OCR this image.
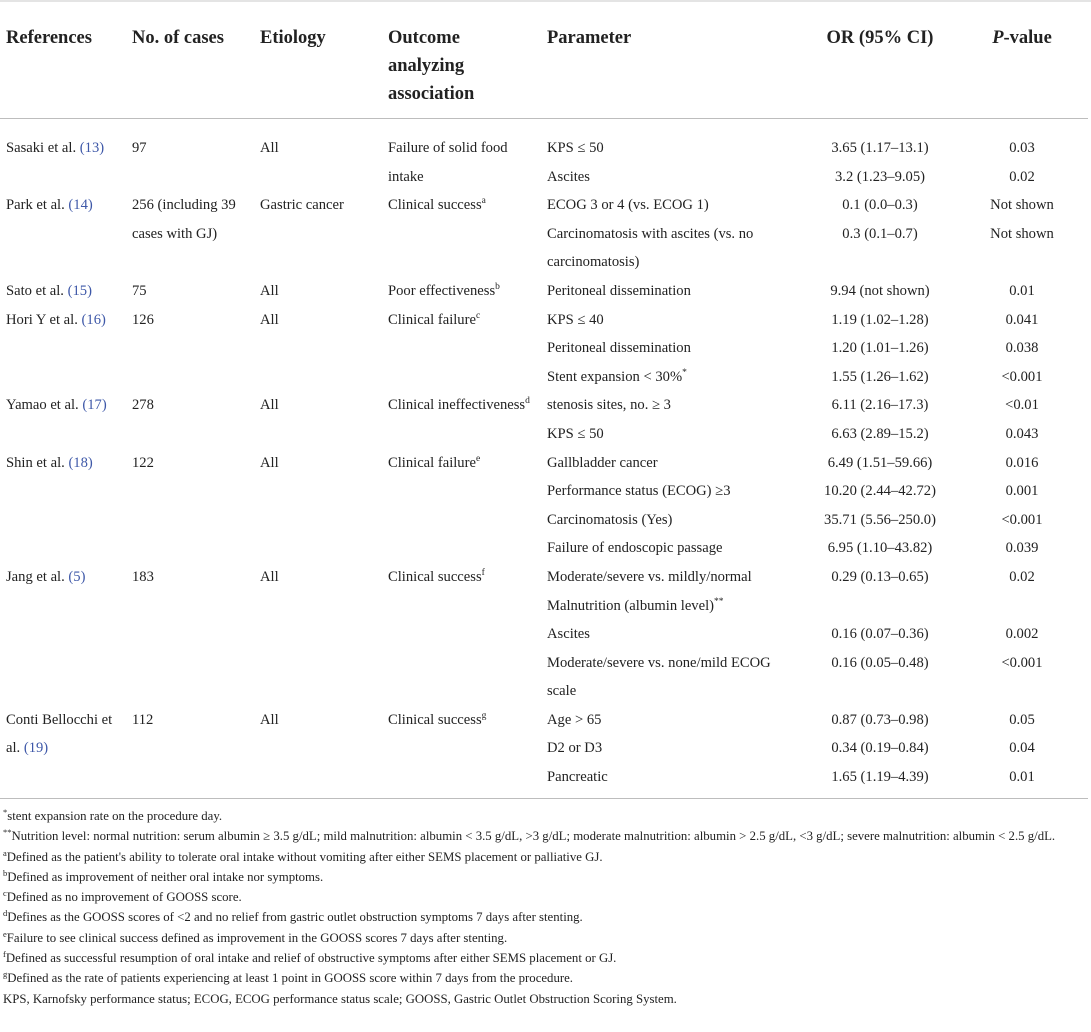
References	No. of cases	Etiology	Outcome analyzing association	Parameter	OR (95% CI)	P-value
Sasaki et al. (13)	97	All	Failure of solid food intake	KPS ≤ 50	3.65 (1.17–13.1)	0.03
				Ascites	3.2 (1.23–9.05)	0.02
Park et al. (14)	256 (including 39 cases with GJ)	Gastric cancer	Clinical success$^a$	ECOG 3 or 4 (vs. ECOG 1)	0.1 (0.0–0.3)	Not shown
				Carcinomatosis with ascites (vs. no carcinomatosis)	0.3 (0.1–0.7)	Not shown
Sato et al. (15)	75	All	Poor effectiveness$^b$	Peritoneal dissemination	9.94 (not shown)	0.01
Hori Y et al. (16)	126	All	Clinical failure$^c$	KPS ≤ 40	1.19 (1.02–1.28)	0.041
				Peritoneal dissemination	1.20 (1.01–1.26)	0.038
				Stent expansion < 30%*	1.55 (1.26–1.62)	<0.001
Yamao et al. (17)	278	All	Clinical ineffectiveness$^d$	stenosis sites, no. ≥ 3	6.11 (2.16–17.3)	<0.01
				KPS ≤ 50	6.63 (2.89–15.2)	0.043
Shin et al. (18)	122	All	Clinical failure$^e$	Gallbladder cancer	6.49 (1.51–59.66)	0.016
				Performance status (ECOG) ≥3	10.20 (2.44–42.72)	0.001
				Carcinomatosis (Yes)	35.71 (5.56–250.0)	<0.001
				Failure of endoscopic passage	6.95 (1.10–43.82)	0.039
Jang et al. (5)	183	All	Clinical success$^f$	Moderate/severe vs. mildly/normal Malnutrition (albumin level)**	0.29 (0.13–0.65)	0.02
				Ascites	0.16 (0.07–0.36)	0.002
				Moderate/severe vs. none/mild ECOG scale	0.16 (0.05–0.48)	<0.001
Conti Bellocchi et al. (19)	112	All	Clinical success$^g$	Age > 65	0.87 (0.73–0.98)	0.05
				D2 or D3	0.34 (0.19–0.84)	0.04
				Pancreatic	1.65 (1.19–4.39)	0.01

*stent expansion rate on the procedure day.

**Nutrition level: normal nutrition: serum albumin ≥ 3.5 g/dL; mild malnutrition: albumin < 3.5 g/dL, >3 g/dL; moderate malnutrition: albumin > 2.5 g/dL, <3 g/dL; severe malnutrition: albumin < 2.5 g/dL.

$^a$Defined as the patient's ability to tolerate oral intake without vomiting after either SEMS placement or palliative GJ.

$^b$Defined as improvement of neither oral intake nor symptoms.

$^c$Defined as no improvement of GOOSS score.

$^d$Defines as the GOOSS scores of <2 and no relief from gastric outlet obstruction symptoms 7 days after stenting.

$^e$Failure to see clinical success defined as improvement in the GOOSS scores 7 days after stenting.

$^f$Defined as successful resumption of oral intake and relief of obstructive symptoms after either SEMS placement or GJ.

$^g$Defined as the rate of patients experiencing at least 1 point in GOOSS score within 7 days from the procedure.

KPS, Karnofsky performance status; ECOG, ECOG performance status scale; GOOSS, Gastric Outlet Obstruction Scoring System.
